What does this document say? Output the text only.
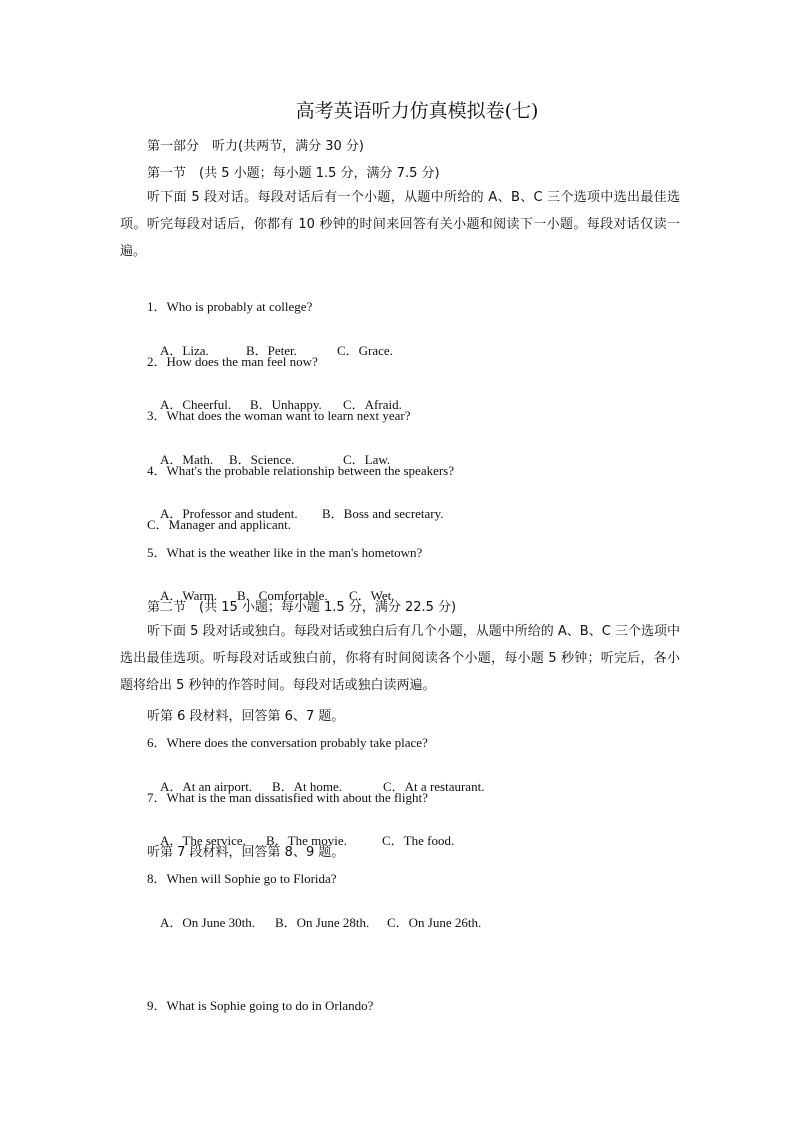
高考英语听力仿真模拟卷(七)
第一部分　听力(共两节，满分 30 分)
第一节　(共 5 小题；每小题 1.5 分，满分 7.5 分)
听下面 5 段对话。每段对话后有一个小题，从题中所给的 A、B、C 三个选项中选出最佳选项。听完每段对话后，你都有 10 秒钟的时间来回答有关小题和阅读下一小题。每段对话仅读一遍。
1．Who is probably at college?

A．Liza.	B．Peter.	C．Grace.

2．How does the man feel now?

A．Cheerful. B．Unhappy. C．Afraid.

3．What does the woman want to learn next year?

A．Math. B．Science.	C．Law.

4．What's the probable relationship between the speakers?

A．Professor and student. B．Boss and secretary.

C．Manager and applicant.
5．What is the weather like in the man's hometown?

A．Warm. B．Comfortable. C．Wet.

第二节　(共 15 小题；每小题 1.5 分，满分 22.5 分)
听下面 5 段对话或独白。每段对话或独白后有几个小题，从题中所给的 A、B、C 三个选项中选出最佳选项。听每段对话或独白前，你将有时间阅读各个小题，每小题 5 秒钟；听完后，各小题将给出 5 秒钟的作答时间。每段对话或独白读两遍。
听第 6 段材料，回答第 6、7 题。
6．Where does the conversation probably take place?

A．At an airport. B．At home.	C．At a restaurant.

7．What is the man dissatisfied with about the flight?

A．The service. B．The movie.	C．The food.

听第 7 段材料，回答第 8、9 题。
8．When will Sophie go to Florida?

A．On June 30th. B．On June 28th. C．On June 26th.

9．What is Sophie going to do in Orlando?
